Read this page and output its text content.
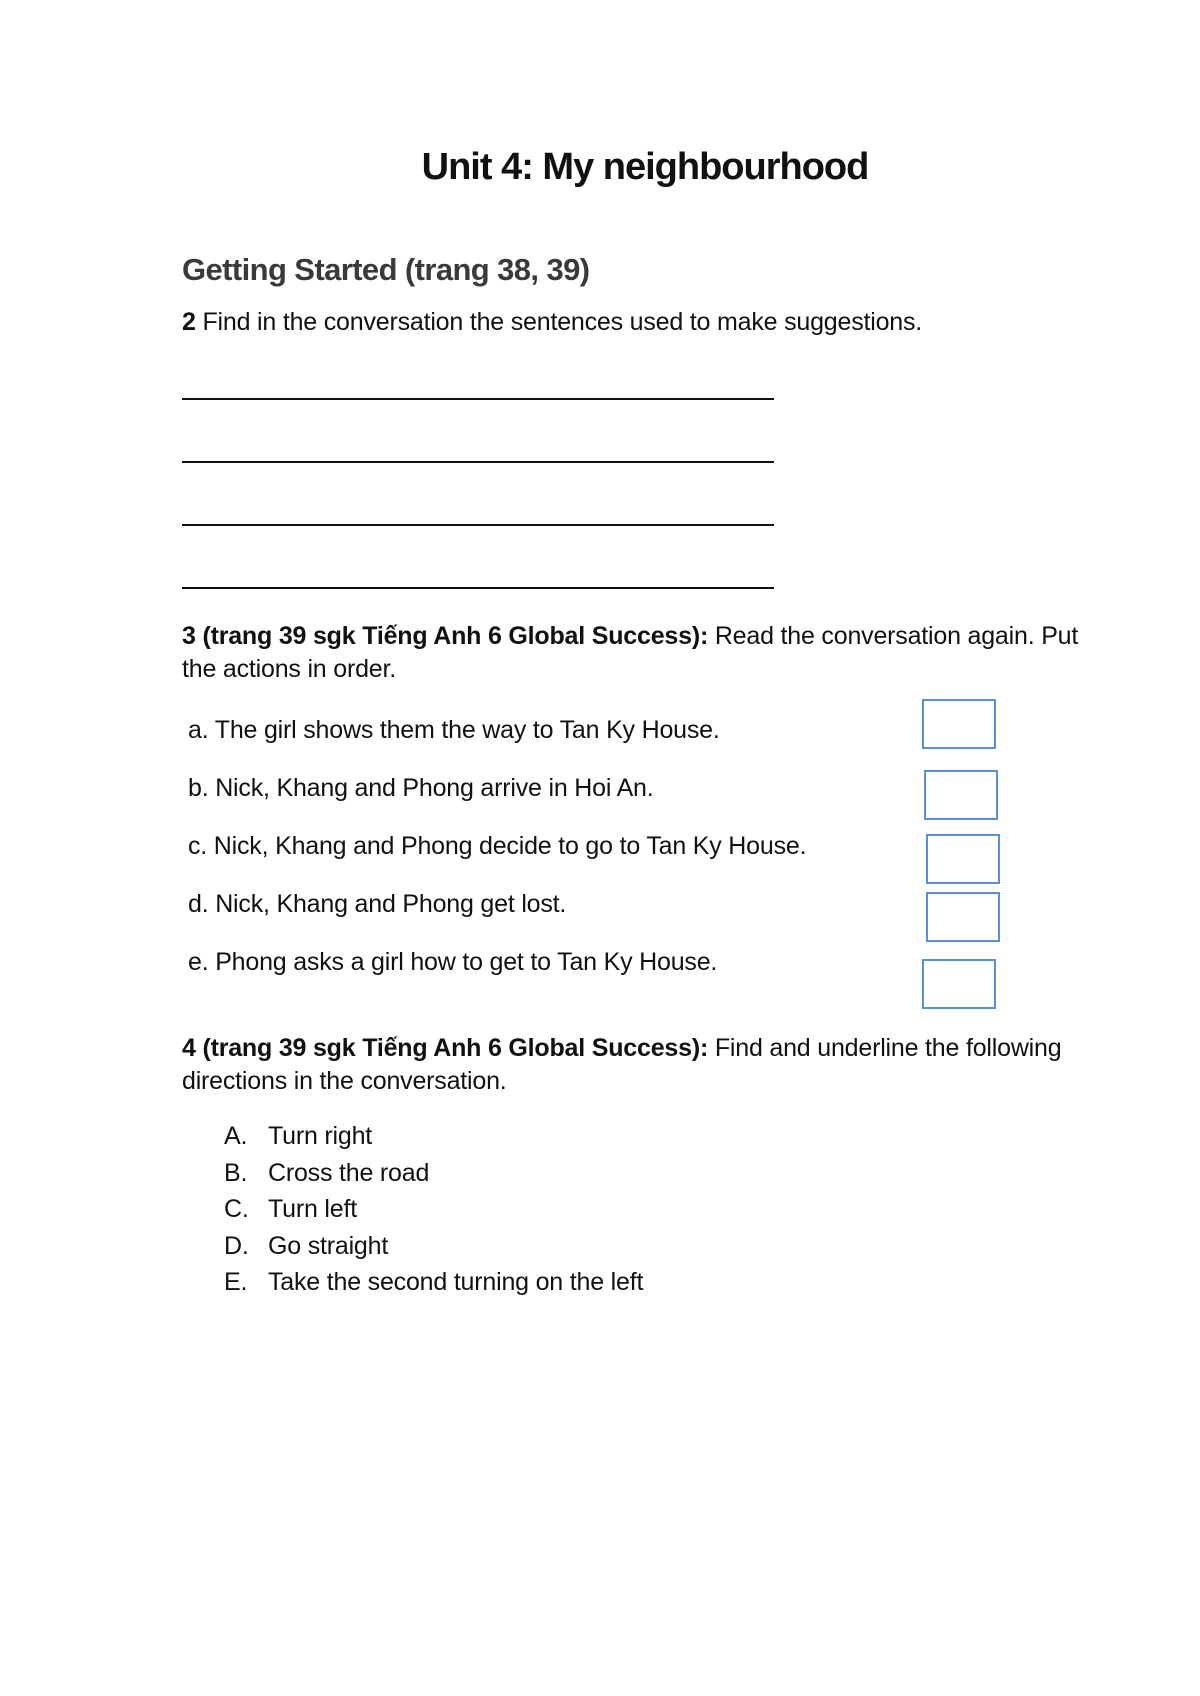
Unit 4: My neighbourhood
Getting Started (trang 38, 39)

2 Find in the conversation the sentences used to make suggestions.

3 (trang 39 sgk Tiếng Anh 6 Global Success): Read the conversation again. Put the actions in order.

a. The girl shows them the way to Tan Ky House.
b. Nick, Khang and Phong arrive in Hoi An.
c. Nick, Khang and Phong decide to go to Tan Ky House.
d. Nick, Khang and Phong get lost.
e. Phong asks a girl how to get to Tan Ky House.

4 (trang 39 sgk Tiếng Anh 6 Global Success): Find and underline the following directions in the conversation.

A. Turn right
B. Cross the road
C. Turn left
D. Go straight
E. Take the second turning on the left
